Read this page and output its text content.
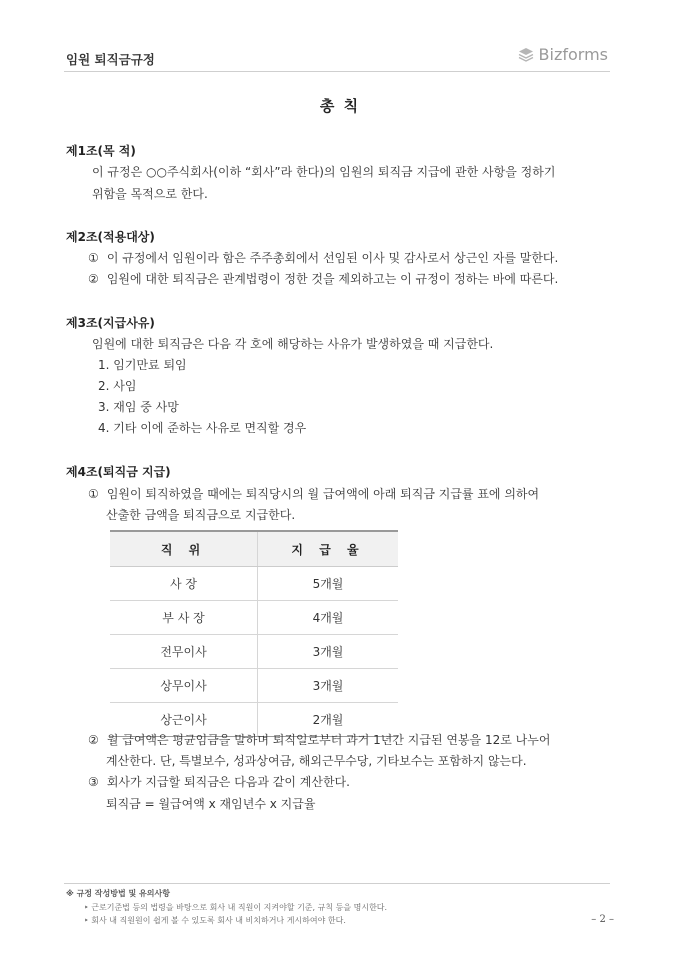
임원 퇴직금규정	Bizforms
총 칙
제1조(목 적)
이 규정은 ○○주식회사(이하 “회사”라 한다)의 임원의 퇴직금 지급에 관한 사항을 정하기
위함을 목적으로 한다.
제2조(적용대상)
① 이 규정에서 임원이라 함은 주주총회에서 선임된 이사 및 감사로서 상근인 자를 말한다.
② 임원에 대한 퇴직금은 관계법령이 정한 것을 제외하고는 이 규정이 정하는 바에 따른다.
제3조(지급사유)
임원에 대한 퇴직금은 다음 각 호에 해당하는 사유가 발생하였을 때 지급한다.
1. 임기만료 퇴임
2. 사임
3. 재임 중 사망
4. 기타 이에 준하는 사유로 면직할 경우
제4조(퇴직금 지급)
① 임원이 퇴직하였을 때에는 퇴직당시의 월 급여액에 아래 퇴직금 지급률 표에 의하여
산출한 금액을 퇴직금으로 지급한다.
직 위	지 급 율
사 장	5개월
부 사 장	4개월
전무이사	3개월
상무이사	3개월
상근이사	2개월
② 월 급여액은 평균임금을 말하며 퇴직일로부터 과거 1년간 지급된 연봉을 12로 나누어
계산한다. 단, 특별보수, 성과상여금, 해외근무수당, 기타보수는 포함하지 않는다.
③ 회사가 지급할 퇴직금은 다음과 같이 계산한다.
퇴직금 = 월급여액 x 재임년수 x 지급율
※ 규정 작성방법 및 유의사항
‣ 근로기준법 등의 법령을 바탕으로 회사 내 직원이 지켜야할 기준, 규칙 등을 명시한다.
‣ 회사 내 직원원이 쉽게 볼 수 있도록 회사 내 비치하거나 게시하여야 한다.	– 2 –
